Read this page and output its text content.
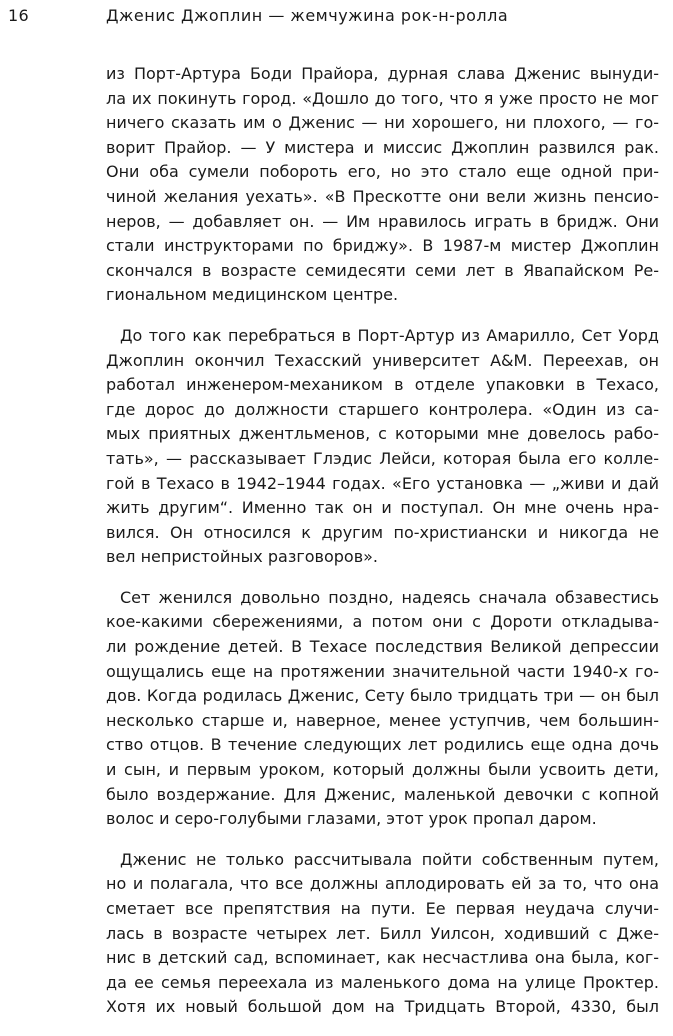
16	Дженис Джоплин — жемчужина рок-н-ролла
из Порт-Артура Боди Прайора, дурная слава Дженис вынуди-
ла их покинуть город. «Дошло до того, что я уже просто не мог
ничего сказать им о Дженис — ни хорошего, ни плохого, — го-
ворит Прайор. — У мистера и миссис Джоплин развился рак.
Они оба сумели побороть его, но это стало еще одной при-
чиной желания уехать». «В Прескотте они вели жизнь пенсио-
неров, — добавляет он. — Им нравилось играть в бридж. Они
стали инструкторами по бриджу». В 1987-м мистер Джоплин
скончался в возрасте семидесяти семи лет в Явапайском Ре-
гиональном медицинском центре.
До того как перебраться в Порт-Артур из Амарилло, Сет Уорд
Джоплин окончил Техасский университет A&M. Переехав, он
работал инженером-механиком в отделе упаковки в Техасо,
где дорос до должности старшего контролера. «Один из са-
мых приятных джентльменов, с которыми мне довелось рабо-
тать», — рассказывает Глэдис Лейси, которая была его колле-
гой в Техасо в 1942–1944 годах. «Его установка — „живи и дай
жить другим“. Именно так он и поступал. Он мне очень нра-
вился. Он относился к другим по-христиански и никогда не
вел непристойных разговоров».
Сет женился довольно поздно, надеясь сначала обзавестись
кое-какими сбережениями, а потом они с Дороти откладыва-
ли рождение детей. В Техасе последствия Великой депрессии
ощущались еще на протяжении значительной части 1940-х го-
дов. Когда родилась Дженис, Сету было тридцать три — он был
несколько старше и, наверное, менее уступчив, чем большин-
ство отцов. В течение следующих лет родились еще одна дочь
и сын, и первым уроком, который должны были усвоить дети,
было воздержание. Для Дженис, маленькой девочки с копной
волос и серо-голубыми глазами, этот урок пропал даром.
Дженис не только рассчитывала пойти собственным путем,
но и полагала, что все должны аплодировать ей за то, что она
сметает все препятствия на пути. Ее первая неудача случи-
лась в возрасте четырех лет. Билл Уилсон, ходивший с Дже-
нис в детский сад, вспоминает, как несчастлива она была, ког-
да ее семья переехала из маленького дома на улице Проктер.
Хотя их новый большой дом на Тридцать Второй, 4330, был
